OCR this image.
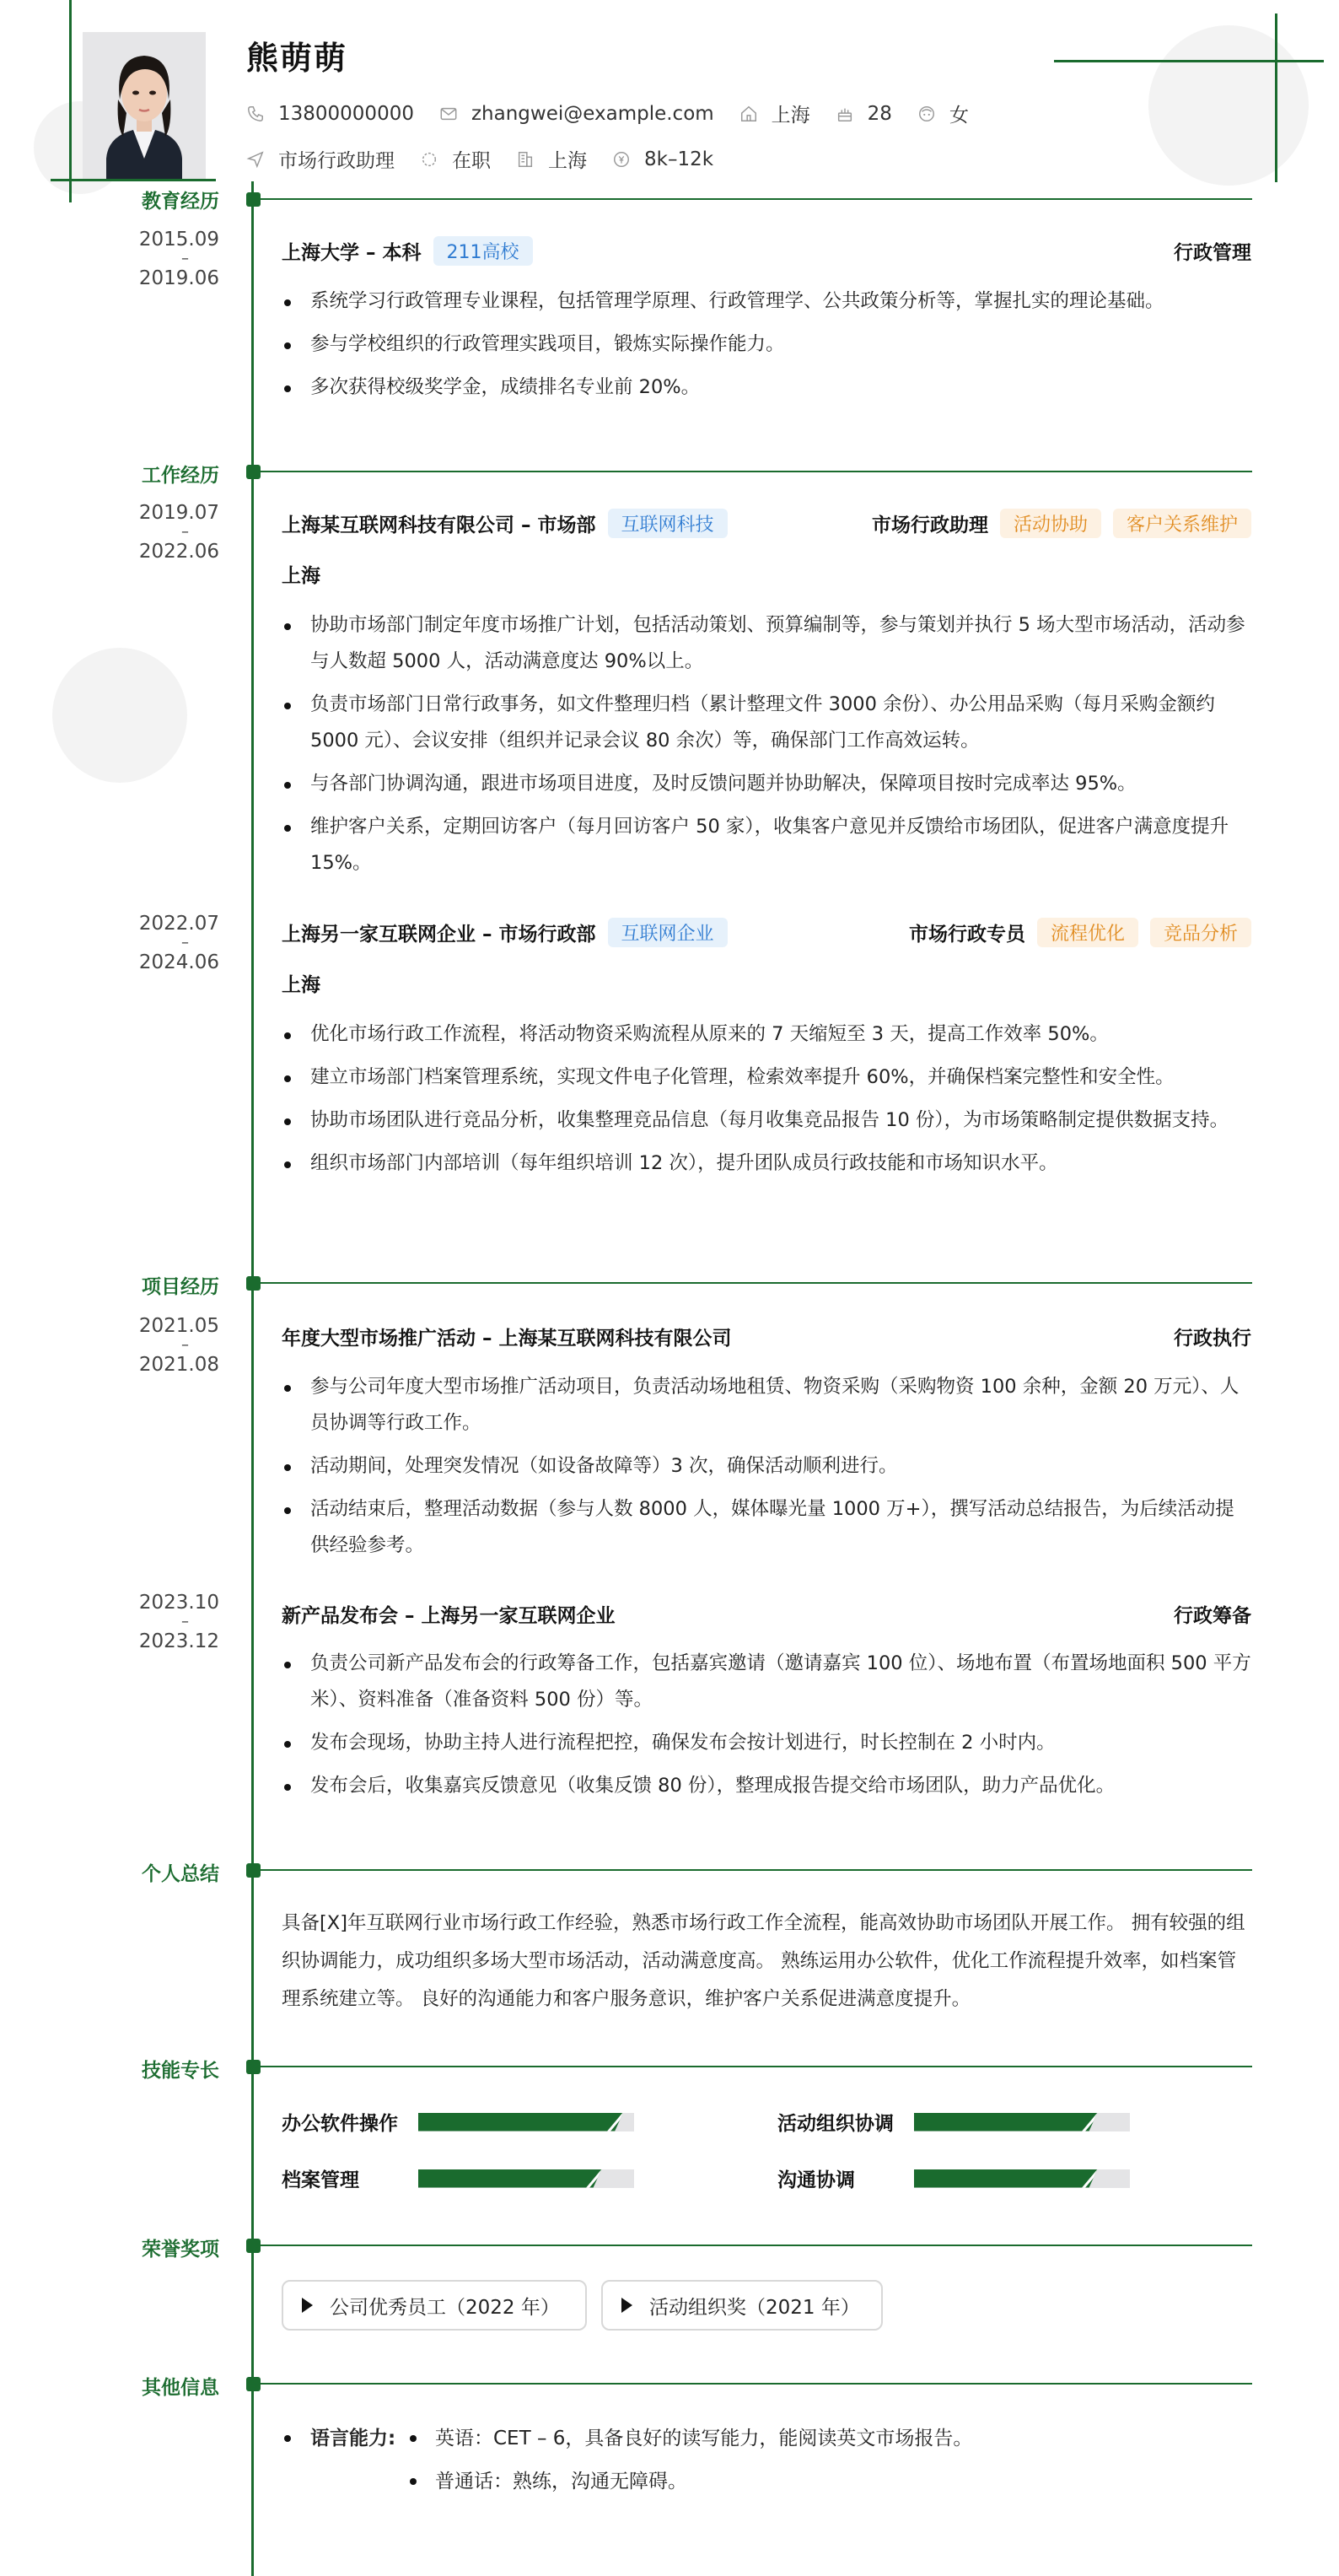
熊萌萌
13800000000	zhangwei@example.com	上海	28	女
市场行政助理	在职	上海	8k–12k
教育经历
2015.09
–
2019.06
上海大学 – 本科	211高校	行政管理
系统学习行政管理专业课程，包括管理学原理、行政管理学、公共政策分析等，掌握扎实的理论基础。
参与学校组织的行政管理实践项目，锻炼实际操作能力。
多次获得校级奖学金，成绩排名专业前 20%。
工作经历
2019.07
–
2022.06
上海某互联网科技有限公司 – 市场部	互联网科技	市场行政助理	活动协助	客户关系维护
上海
协助市场部门制定年度市场推广计划，包括活动策划、预算编制等，参与策划并执行 5 场大型市场活动，活动参与人数超 5000 人，活动满意度达 90%以上。
负责市场部门日常行政事务，如文件整理归档（累计整理文件 3000 余份）、办公用品采购（每月采购金额约 5000 元）、会议安排（组织并记录会议 80 余次）等，确保部门工作高效运转。
与各部门协调沟通，跟进市场项目进度，及时反馈问题并协助解决，保障项目按时完成率达 95%。
维护客户关系，定期回访客户（每月回访客户 50 家），收集客户意见并反馈给市场团队，促进客户满意度提升 15%。
2022.07
–
2024.06
上海另一家互联网企业 – 市场行政部	互联网企业	市场行政专员	流程优化	竞品分析
上海
优化市场行政工作流程，将活动物资采购流程从原来的 7 天缩短至 3 天，提高工作效率 50%。
建立市场部门档案管理系统，实现文件电子化管理，检索效率提升 60%，并确保档案完整性和安全性。
协助市场团队进行竞品分析，收集整理竞品信息（每月收集竞品报告 10 份），为市场策略制定提供数据支持。
组织市场部门内部培训（每年组织培训 12 次），提升团队成员行政技能和市场知识水平。
项目经历
2021.05
–
2021.08
年度大型市场推广活动 – 上海某互联网科技有限公司	行政执行
参与公司年度大型市场推广活动项目，负责活动场地租赁、物资采购（采购物资 100 余种，金额 20 万元）、人员协调等行政工作。
活动期间，处理突发情况（如设备故障等）3 次，确保活动顺利进行。
活动结束后，整理活动数据（参与人数 8000 人，媒体曝光量 1000 万+），撰写活动总结报告，为后续活动提供经验参考。
2023.10
–
2023.12
新产品发布会 – 上海另一家互联网企业	行政筹备
负责公司新产品发布会的行政筹备工作，包括嘉宾邀请（邀请嘉宾 100 位）、场地布置（布置场地面积 500 平方米）、资料准备（准备资料 500 份）等。
发布会现场，协助主持人进行流程把控，确保发布会按计划进行，时长控制在 2 小时内。
发布会后，收集嘉宾反馈意见（收集反馈 80 份），整理成报告提交给市场团队，助力产品优化。
个人总结
具备[X]年互联网行业市场行政工作经验，熟悉市场行政工作全流程，能高效协助市场团队开展工作。 拥有较强的组织协调能力，成功组织多场大型市场活动，活动满意度高。 熟练运用办公软件，优化工作流程提升效率，如档案管理系统建立等。 良好的沟通能力和客户服务意识，维护客户关系促进满意度提升。
技能专长
办公软件操作	活动组织协调
档案管理	沟通协调
荣誉奖项
公司优秀员工（2022 年）	活动组织奖（2021 年）
其他信息
语言能力: 英语：CET – 6，具备良好的读写能力，能阅读英文市场报告。
普通话：熟练，沟通无障碍。
